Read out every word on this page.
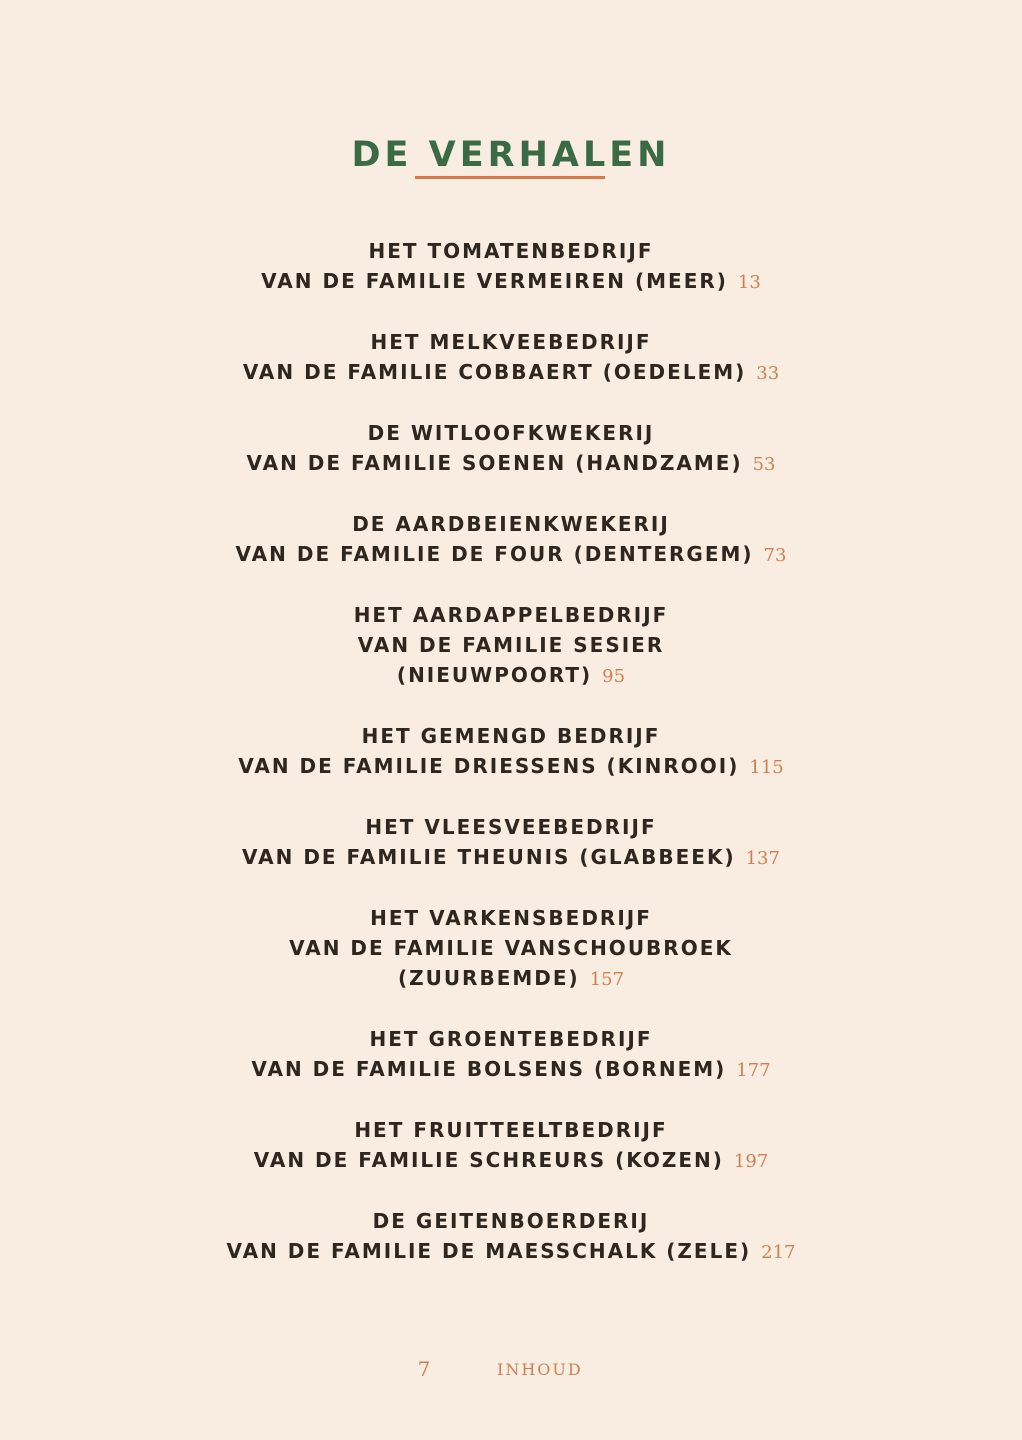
DE VERHALEN
HET TOMATENBEDRIJF
VAN DE FAMILIE VERMEIREN (MEER) 13
HET MELKVEEBEDRIJF
VAN DE FAMILIE COBBAERT (OEDELEM) 33
DE WITLOOFKWEKERIJ
VAN DE FAMILIE SOENEN (HANDZAME) 53
DE AARDBEIENKWEKERIJ
VAN DE FAMILIE DE FOUR (DENTERGEM) 73
HET AARDAPPELBEDRIJF
VAN DE FAMILIE SESIER
(NIEUWPOORT) 95
HET GEMENGD BEDRIJF
VAN DE FAMILIE DRIESSENS (KINROOI) 115
HET VLEESVEEBEDRIJF
VAN DE FAMILIE THEUNIS (GLABBEEK) 137
HET VARKENSBEDRIJF
VAN DE FAMILIE VANSCHOUBROEK
(ZUURBEMDE) 157
HET GROENTEBEDRIJF
VAN DE FAMILIE BOLSENS (BORNEM) 177
HET FRUITTEELTBEDRIJF
VAN DE FAMILIE SCHREURS (KOZEN) 197
DE GEITENBOERDERIJ
VAN DE FAMILIE DE MAESSCHALK (ZELE) 217
7	INHOUD
